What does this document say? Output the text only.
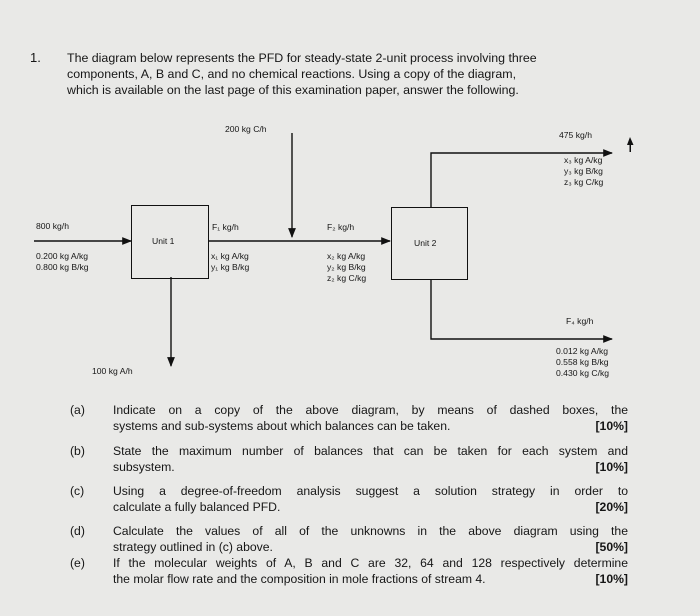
1. The diagram below represents the PFD for steady-state 2-unit process involving three
components, A, B and C, and no chemical reactions. Using a copy of the diagram,
which is available on the last page of this examination paper, answer the following.
Unit 1	Unit 2
200 kg C/h
475 kg/h
x₃ kg A/kg
y₃ kg B/kg
z₃ kg C/kg
800 kg/h
0.200 kg A/kg
0.800 kg B/kg
F₁ kg/h
x₁ kg A/kg
y₁ kg B/kg
F₂ kg/h
x₂ kg A/kg
y₂ kg B/kg
z₂ kg C/kg
F₄ kg/h
0.012 kg A/kg
0.558 kg B/kg
0.430 kg C/kg
100 kg A/h
(a) Indicate on a copy of the above diagram, by means of dashed boxes, the
systems and sub-systems about which balances can be taken.	[10%]
(b) State the maximum number of balances that can be taken for each system and
subsystem.	[10%]
(c) Using a degree-of-freedom analysis suggest a solution strategy in order to
calculate a fully balanced PFD.	[20%]
(d) Calculate the values of all of the unknowns in the above diagram using the
strategy outlined in (c) above.	[50%]
(e) If the molecular weights of A, B and C are 32, 64 and 128 respectively determine
the molar flow rate and the composition in mole fractions of stream 4.	[10%]
